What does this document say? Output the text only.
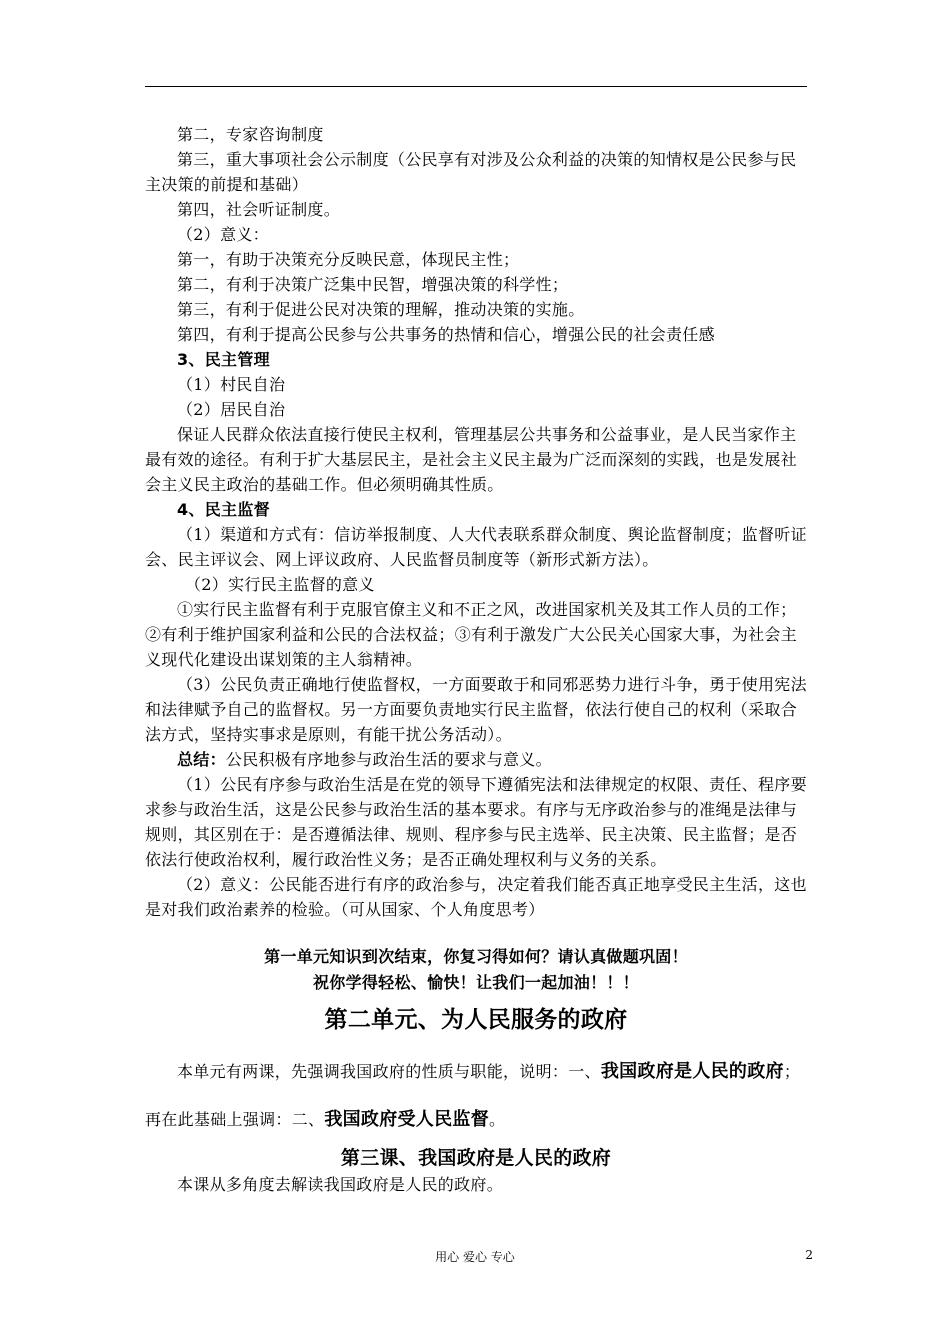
第二，专家咨询制度

第三，重大事项社会公示制度（公民享有对涉及公众利益的决策的知情权是公民参与民主决策的前提和基础）

第四，社会听证制度。

（2）意义：

第一，有助于决策充分反映民意，体现民主性；

第二，有利于决策广泛集中民智，增强决策的科学性；

第三，有利于促进公民对决策的理解，推动决策的实施。

第四，有利于提高公民参与公共事务的热情和信心，增强公民的社会责任感

3、民主管理

（1）村民自治

（2）居民自治

保证人民群众依法直接行使民主权利，管理基层公共事务和公益事业，是人民当家作主最有效的途径。有利于扩大基层民主，是社会主义民主最为广泛而深刻的实践，也是发展社会主义民主政治的基础工作。但必须明确其性质。

4、民主监督

（1）渠道和方式有：信访举报制度、人大代表联系群众制度、舆论监督制度；监督听证会、民主评议会、网上评议政府、人民监督员制度等（新形式新方法）。

（2）实行民主监督的意义

①实行民主监督有利于克服官僚主义和不正之风，改进国家机关及其工作人员的工作；②有利于维护国家利益和公民的合法权益；③有利于激发广大公民关心国家大事，为社会主义现代化建设出谋划策的主人翁精神。

（3）公民负责正确地行使监督权，一方面要敢于和同邪恶势力进行斗争，勇于使用宪法和法律赋予自己的监督权。另一方面要负责地实行民主监督，依法行使自己的权利（采取合法方式，坚持实事求是原则，有能干扰公务活动）。

总结：公民积极有序地参与政治生活的要求与意义。

（1）公民有序参与政治生活是在党的领导下遵循宪法和法律规定的权限、责任、程序要求参与政治生活，这是公民参与政治生活的基本要求。有序与无序政治参与的准绳是法律与规则，其区别在于：是否遵循法律、规则、程序参与民主选举、民主决策、民主监督；是否依法行使政治权利，履行政治性义务；是否正确处理权利与义务的关系。

（2）意义：公民能否进行有序的政治参与，决定着我们能否真正地享受民主生活，这也是对我们政治素养的检验。（可从国家、个人角度思考）

第一单元知识到次结束，你复习得如何？请认真做题巩固！

祝你学得轻松、愉快！让我们一起加油！！！

第二单元、为人民服务的政府

本单元有两课，先强调我国政府的性质与职能，说明：一、我国政府是人民的政府；再在此基础上强调：二、我国政府受人民监督。

第三课、我国政府是人民的政府

本课从多角度去解读我国政府是人民的政府。

用心 爱心 专心	2
